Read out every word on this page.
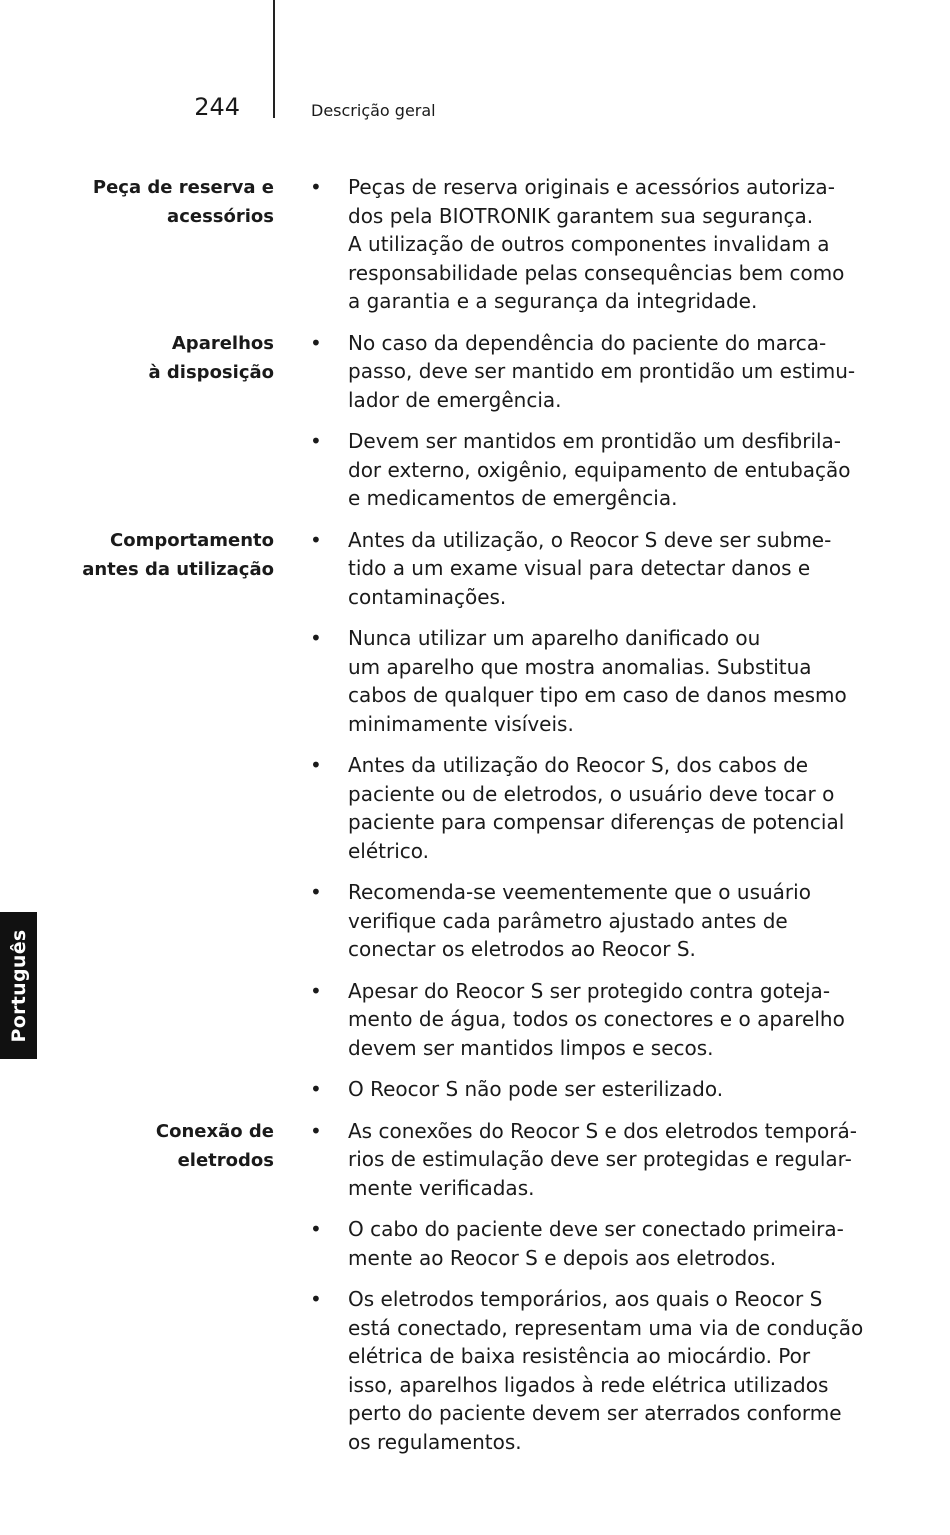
244	Descrição geral
Português
Peça de reserva e
acessórios
• Peças de reserva originais e acessórios autoriza-
dos pela BIOTRONIK garantem sua segurança.
A utilização de outros componentes invalidam a
responsabilidade pelas consequências bem como
a garantia e a segurança da integridade.
Aparelhos
à disposição
• No caso da dependência do paciente do marca-
passo, deve ser mantido em prontidão um estimu-
lador de emergência.
• Devem ser mantidos em prontidão um desfibrila-
dor externo, oxigênio, equipamento de entubação
e medicamentos de emergência.
Comportamento
antes da utilização
• Antes da utilização, o Reocor S deve ser subme-
tido a um exame visual para detectar danos e
contaminações.
• Nunca utilizar um aparelho danificado ou
um aparelho que mostra anomalias. Substitua
cabos de qualquer tipo em caso de danos mesmo
minimamente visíveis.
• Antes da utilização do Reocor S, dos cabos de
paciente ou de eletrodos, o usuário deve tocar o
paciente para compensar diferenças de potencial
elétrico.
• Recomenda-se veementemente que o usuário
verifique cada parâmetro ajustado antes de
conectar os eletrodos ao Reocor S.
• Apesar do Reocor S ser protegido contra goteja-
mento de água, todos os conectores e o aparelho
devem ser mantidos limpos e secos.
• O Reocor S não pode ser esterilizado.
Conexão de
eletrodos
• As conexões do Reocor S e dos eletrodos temporá-
rios de estimulação deve ser protegidas e regular-
mente verificadas.
• O cabo do paciente deve ser conectado primeira-
mente ao Reocor S e depois aos eletrodos.
• Os eletrodos temporários, aos quais o Reocor S
está conectado, representam uma via de condução
elétrica de baixa resistência ao miocárdio. Por
isso, aparelhos ligados à rede elétrica utilizados
perto do paciente devem ser aterrados conforme
os regulamentos.
